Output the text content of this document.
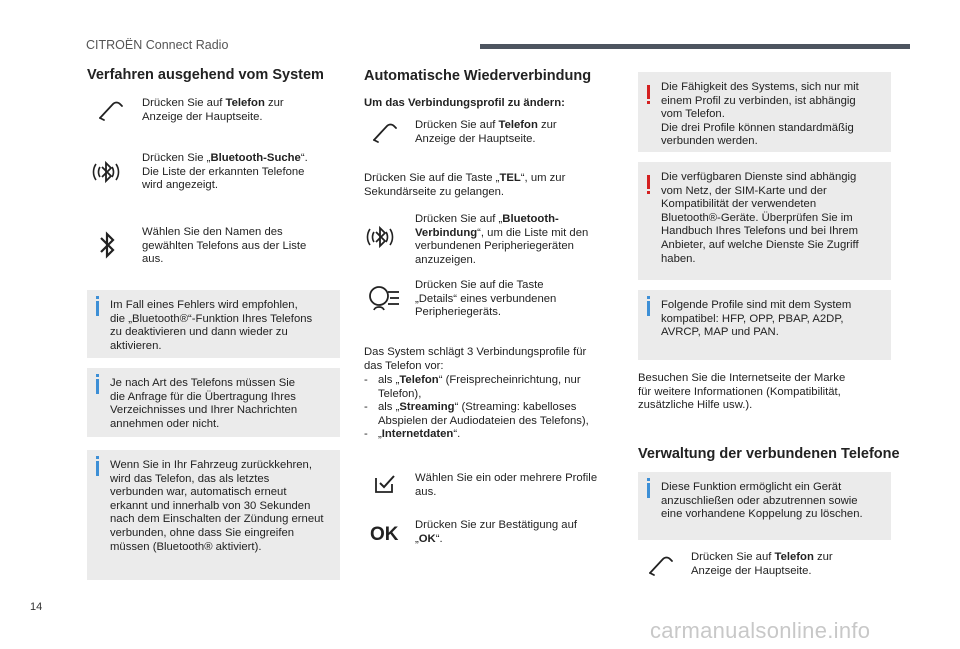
CITROËN Connect Radio
14
carmanualsonline.info
Verfahren ausgehend vom System
Drücken Sie auf Telefon zur
Anzeige der Hauptseite.
Drücken Sie „Bluetooth-Suche“.
Die Liste der erkannten Telefone
wird angezeigt.
Wählen Sie den Namen des
gewählten Telefons aus der Liste
aus.
Im Fall eines Fehlers wird empfohlen,
die „Bluetooth®“-Funktion Ihres Telefons
zu deaktivieren und dann wieder zu
aktivieren.
Je nach Art des Telefons müssen Sie
die Anfrage für die Übertragung Ihres
Verzeichnisses und Ihrer Nachrichten
annehmen oder nicht.
Wenn Sie in Ihr Fahrzeug zurückkehren,
wird das Telefon, das als letztes
verbunden war, automatisch erneut
erkannt und innerhalb von 30 Sekunden
nach dem Einschalten der Zündung erneut
verbunden, ohne dass Sie eingreifen
müssen (Bluetooth® aktiviert).
Automatische Wiederverbindung
Um das Verbindungsprofil zu ändern:
Drücken Sie auf Telefon zur
Anzeige der Hauptseite.
Drücken Sie auf die Taste „TEL“, um zur
Sekundärseite zu gelangen.
Drücken Sie auf „Bluetooth-
Verbindung“, um die Liste mit den
verbundenen Peripheriegeräten
anzuzeigen.
Drücken Sie auf die Taste
„Details“ eines verbundenen
Peripheriegeräts.
Das System schlägt 3 Verbindungsprofile für
das Telefon vor:
- als „Telefon“ (Freisprecheinrichtung, nur
Telefon),
- als „Streaming“ (Streaming: kabelloses
Abspielen der Audiodateien des Telefons),
- „Internetdaten“.
Wählen Sie ein oder mehrere Profile
aus.
OK Drücken Sie zur Bestätigung auf
„OK“.
Die Fähigkeit des Systems, sich nur mit
einem Profil zu verbinden, ist abhängig
vom Telefon.
Die drei Profile können standardmäßig
verbunden werden.
Die verfügbaren Dienste sind abhängig
vom Netz, der SIM-Karte und der
Kompatibilität der verwendeten
Bluetooth®-Geräte. Überprüfen Sie im
Handbuch Ihres Telefons und bei Ihrem
Anbieter, auf welche Dienste Sie Zugriff
haben.
Folgende Profile sind mit dem System
kompatibel: HFP, OPP, PBAP, A2DP,
AVRCP, MAP und PAN.
Besuchen Sie die Internetseite der Marke
für weitere Informationen (Kompatibilität,
zusätzliche Hilfe usw.).
Verwaltung der verbundenen Telefone
Diese Funktion ermöglicht ein Gerät
anzuschließen oder abzutrennen sowie
eine vorhandene Koppelung zu löschen.
Drücken Sie auf Telefon zur
Anzeige der Hauptseite.
